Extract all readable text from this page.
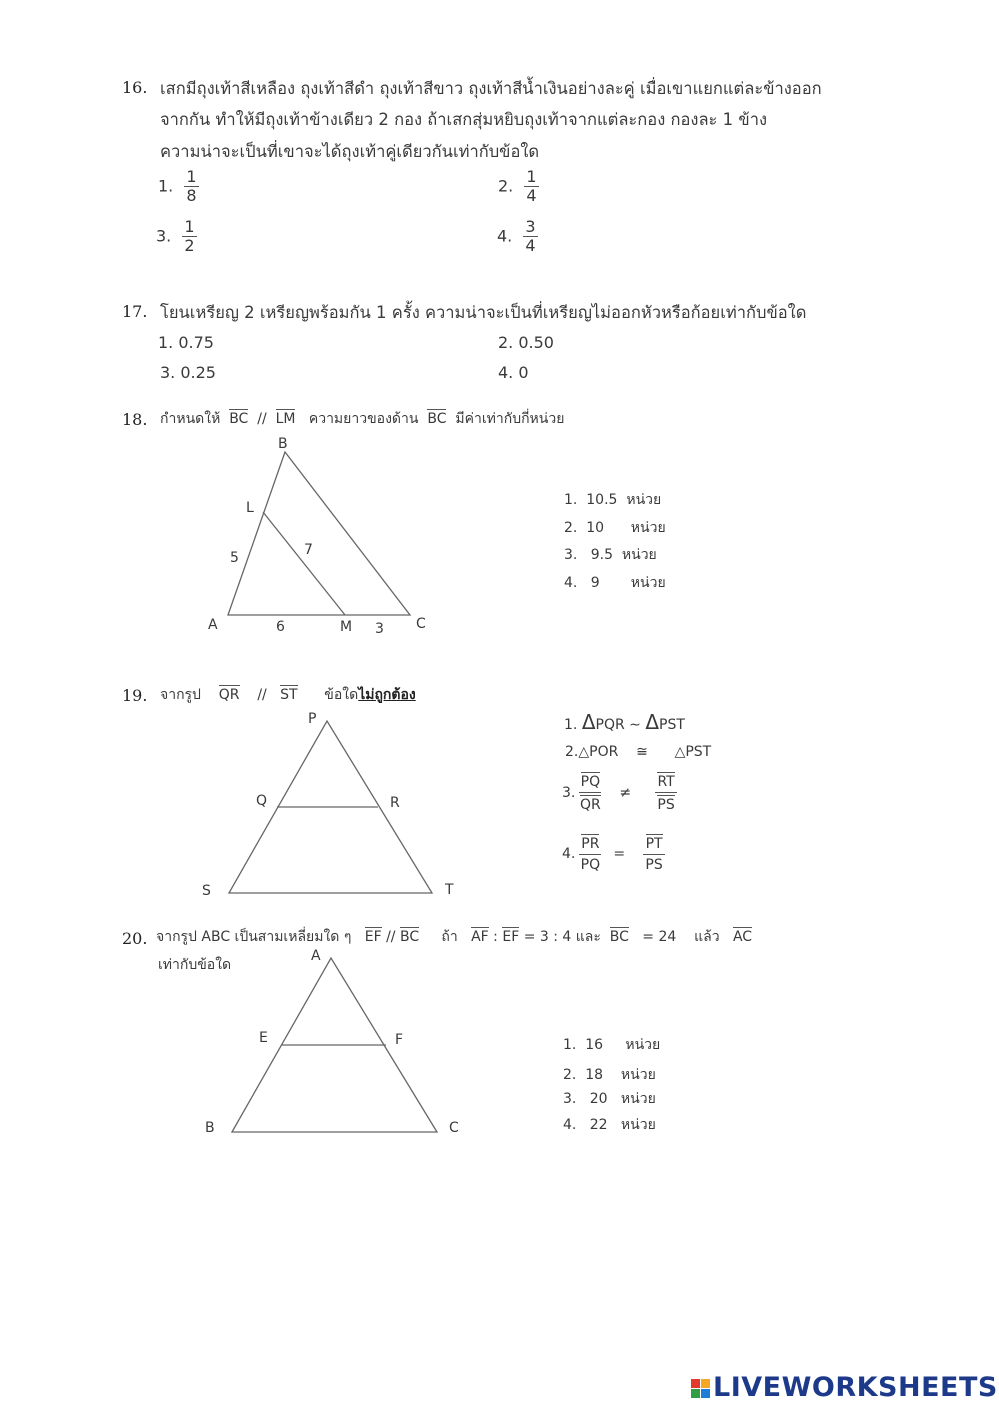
16. เสกมีถุงเท้าสีเหลือง ถุงเท้าสีดำ ถุงเท้าสีขาว ถุงเท้าสีน้ำเงินอย่างละคู่ เมื่อเขาแยกแต่ละข้างออก
จากกัน ทำให้มีถุงเท้าข้างเดียว 2 กอง ถ้าเสกสุ่มหยิบถุงเท้าจากแต่ละกอง กองละ 1 ข้าง
ความน่าจะเป็นที่เขาจะได้ถุงเท้าคู่เดียวกันเท่ากับข้อใด
1. $\frac{1}{8}$	2. $\frac{1}{4}$
3. $\frac{1}{2}$	4. $\frac{3}{4}$
17. โยนเหรียญ 2 เหรียญพร้อมกัน 1 ครั้ง ความน่าจะเป็นที่เหรียญไม่ออกหัวหรือก้อยเท่ากับข้อใด
1. 0.75	2. 0.50
3. 0.25	4. 0
18. กำหนดให้ BC // LM ความยาวของด้าน BC มีค่าเท่ากับกี่หน่วย
B
L
A	M	C
5	7
6	3
1. 10.5 หน่วย
2. 10 หน่วย
3. 9.5 หน่วย
4. 9 หน่วย
19. จากรูป QR // ST ข้อใดไม่ถูกต้อง
P
Q	R
S	T
1. ΔPQR ∼ ΔPST
2.△POR ≅ △PST
3. $\frac{PQ}{QR} \ne \frac{RT}{PS}$
4. $\frac{PR}{PQ} = \frac{PT}{PS}$
20. จากรูป ABC เป็นสามเหลี่ยมใด ๆ EF // BC ถ้า AF : EF = 3 : 4 และ BC = 24 แล้ว AC
เท่ากับข้อใด
A
E	F
B	C
1. 16 หน่วย
2. 18 หน่วย
3. 20 หน่วย
4. 22 หน่วย
LIVEWORKSHEETS
